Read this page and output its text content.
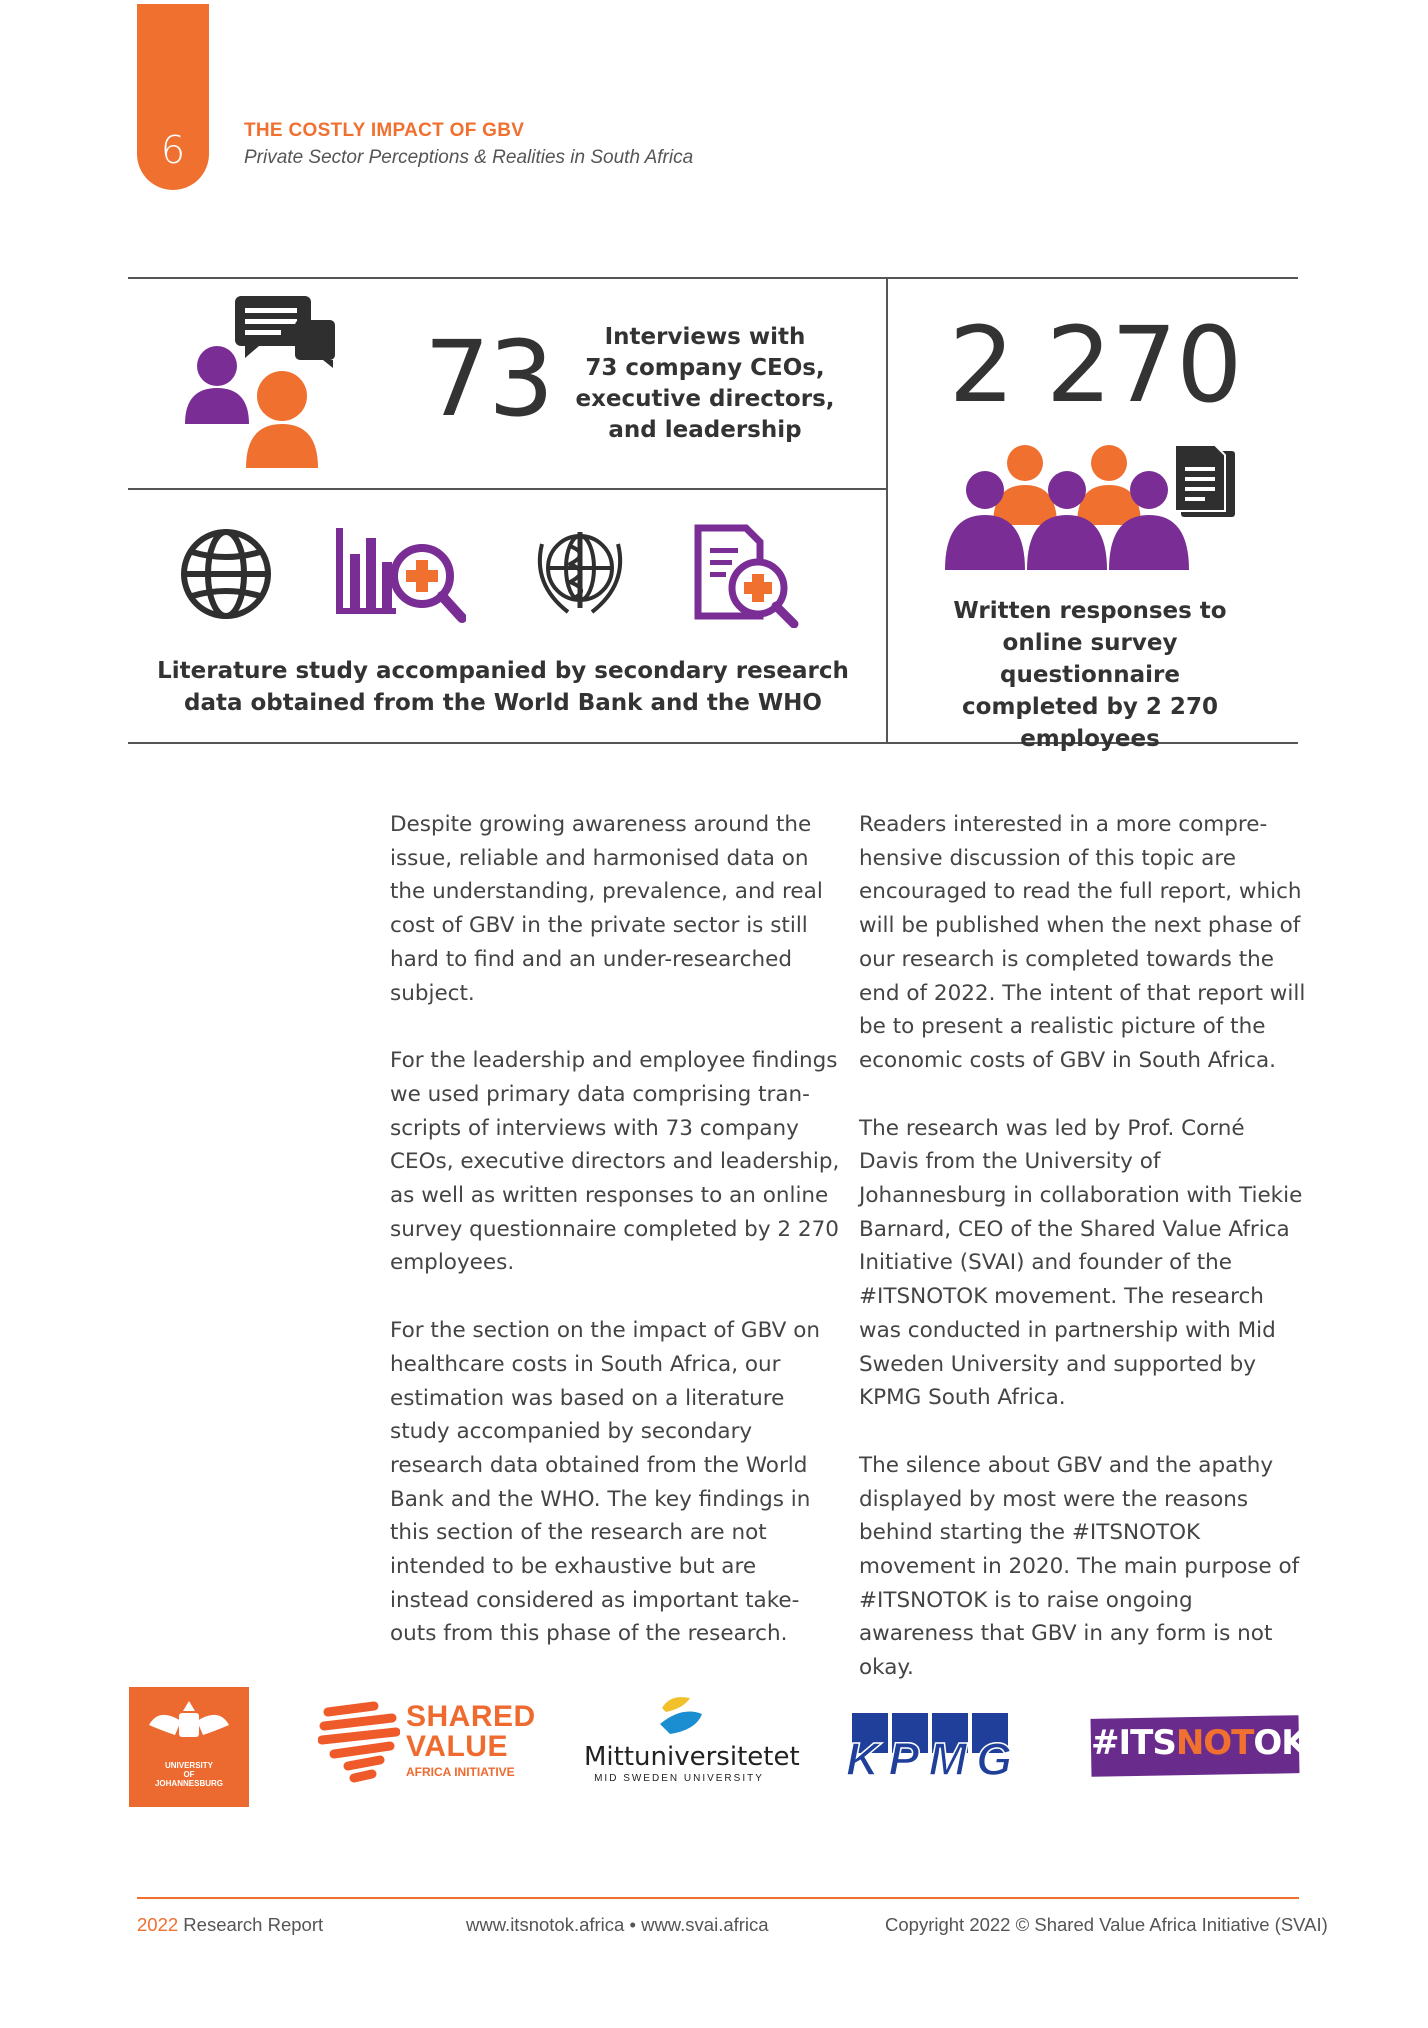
6	THE COSTLY IMPACT OF GBV
Private Sector Perceptions & Realities in South Africa
73	Interviews with
73 company CEOs,
executive directors,
and leadership
2 270
Written responses to
online survey questionnaire
completed by 2 270
employees
Literature study accompanied by secondary research
data obtained from the World Bank and the WHO

Despite growing awareness around the issue, reliable and harmonised data on the understanding, prevalence, and real cost of GBV in the private sector is still hard to find and an under-researched subject.

For the leadership and employee findings we used primary data comprising tran-scripts of interviews with 73 company CEOs, executive directors and leadership, as well as written responses to an online survey questionnaire completed by 2 270 employees.

For the section on the impact of GBV on healthcare costs in South Africa, our estimation was based on a literature study accompanied by secondary research data obtained from the World Bank and the WHO. The key findings in this section of the research are not intended to be exhaustive but are instead considered as important take-outs from this phase of the research.

Readers interested in a more compre-hensive discussion of this topic are encouraged to read the full report, which will be published when the next phase of our research is completed towards the end of 2022. The intent of that report will be to present a realistic picture of the economic costs of GBV in South Africa.

The research was led by Prof. Corné Davis from the University of Johannesburg in collaboration with Tiekie Barnard, CEO of the Shared Value Africa Initiative (SVAI) and founder of the #ITSNOTOK movement. The research was conducted in partnership with Mid Sweden University and supported by KPMG South Africa.

The silence about GBV and the apathy displayed by most were the reasons behind starting the #ITSNOTOK movement in 2020. The main purpose of #ITSNOTOK is to raise ongoing awareness that GBV in any form is not okay.

UNIVERSITY
OF
JOHANNESBURG
SHARED
VALUE
AFRICA INITIATIVE	Mittuniversitetet
MID SWEDEN UNIVERSITY KPMG #ITSNOTOK
2022 Research Report	www.itsnotok.africa • www.svai.africa	Copyright 2022 © Shared Value Africa Initiative (SVAI)
